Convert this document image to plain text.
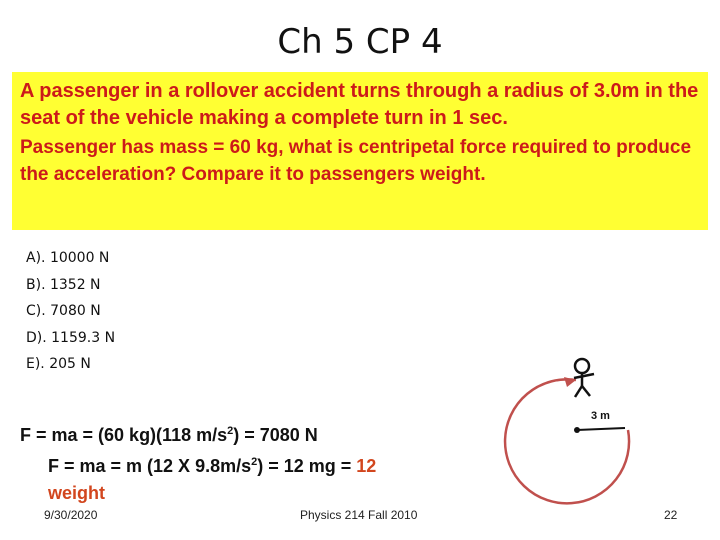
Ch 5 CP 4

A passenger in a rollover accident turns through a radius of 3.0m in the seat of the vehicle making a complete turn in 1 sec.

Passenger has mass = 60 kg, what is centripetal force required to produce the acceleration? Compare it to passengers weight.

A). 10000 N
B). 1352 N
C). 7080 N
D). 1159.3 N
E). 205 N
F = ma = (60 kg)(118 $m/s^2) = 7080$ N
F = ma = m (12 X $9.8m/s^2) = 12$ mg = 12
weight
3 m
9/30/2020	Physics 214 Fall 2010	22
